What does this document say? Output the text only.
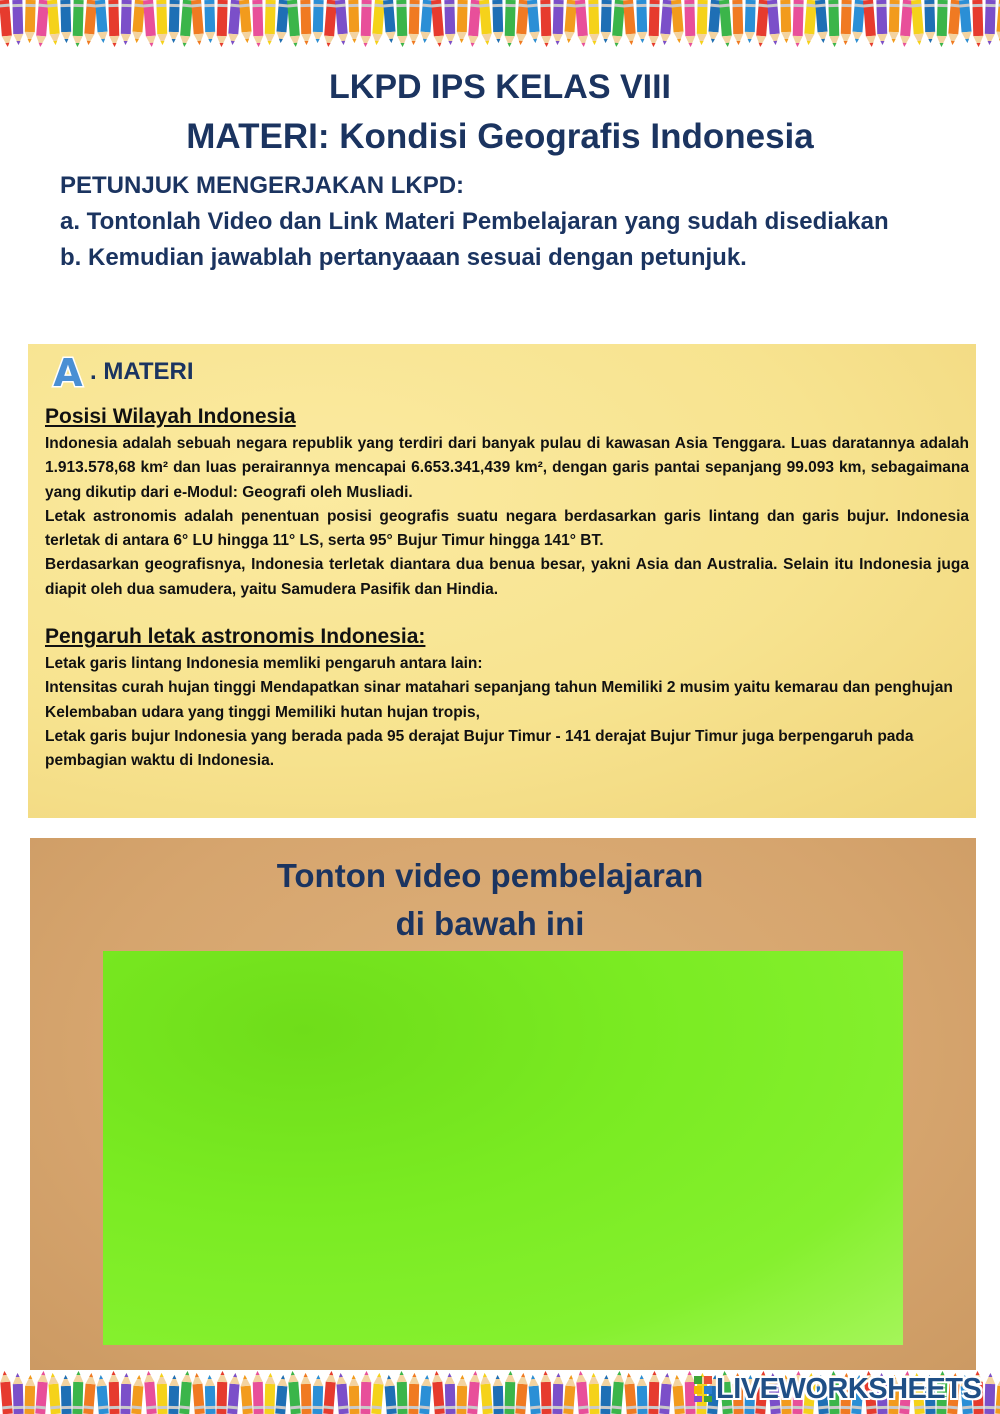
LKPD IPS KELAS VIII
MATERI: Kondisi Geografis Indonesia

PETUNJUK MENGERJAKAN LKPD:

a. Tontonlah Video dan Link Materi Pembelajaran yang sudah disediakan

b. Kemudian jawablah pertanyaaan sesuai dengan petunjuk.

A . MATERI
Posisi Wilayah Indonesia

Indonesia adalah sebuah negara republik yang terdiri dari banyak pulau di kawasan Asia Tenggara. Luas daratannya adalah 1.913.578,68 km² dan luas perairannya mencapai 6.653.341,439 km², dengan garis pantai sepanjang 99.093 km, sebagaimana yang dikutip dari e-Modul: Geografi oleh Musliadi.

Letak astronomis adalah penentuan posisi geografis suatu negara berdasarkan garis lintang dan garis bujur. Indonesia terletak di antara 6° LU hingga 11° LS, serta 95° Bujur Timur hingga 141° BT.

Berdasarkan geografisnya, Indonesia terletak diantara dua benua besar, yakni Asia dan Australia. Selain itu Indonesia juga diapit oleh dua samudera, yaitu Samudera Pasifik dan Hindia.

Pengaruh letak astronomis Indonesia:

Letak garis lintang Indonesia memliki pengaruh antara lain:

Intensitas curah hujan tinggi Mendapatkan sinar matahari sepanjang tahun Memiliki 2 musim yaitu kemarau dan penghujan Kelembaban udara yang tinggi Memiliki hutan hujan tropis,

Letak garis bujur Indonesia yang berada pada 95 derajat Bujur Timur - 141 derajat Bujur Timur juga berpengaruh pada pembagian waktu di Indonesia.

Tonton video pembelajaran
di bawah ini
LIVEWORKSHEETS
